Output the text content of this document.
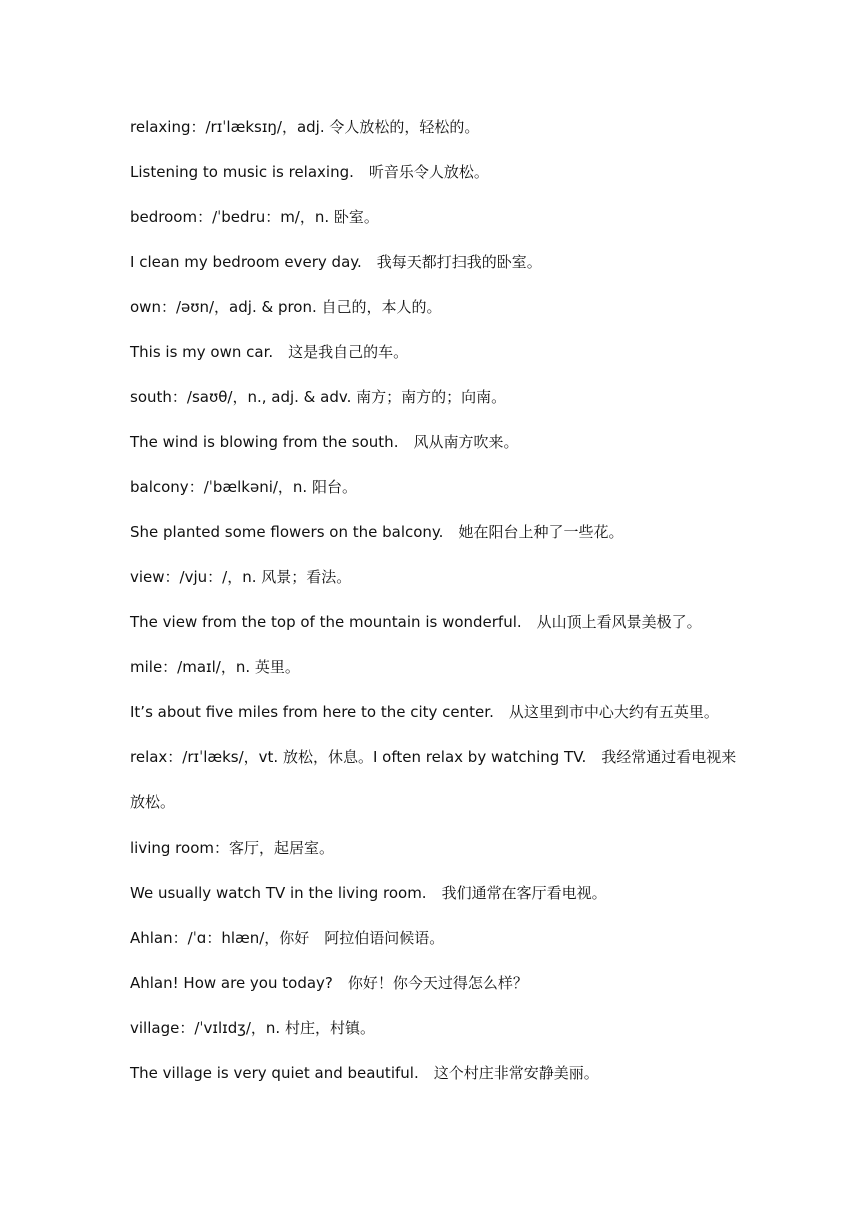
relaxing：/rɪˈlæksɪŋ/，adj. 令人放松的，轻松的。
Listening to music is relaxing.　听音乐令人放松。
bedroom：/ˈbedru：m/，n. 卧室。
I clean my bedroom every day.　我每天都打扫我的卧室。
own：/əʊn/，adj. & pron. 自己的，本人的。
This is my own car.　这是我自己的车。
south：/saʊθ/，n., adj. & adv. 南方；南方的；向南。
The wind is blowing from the south.　风从南方吹来。
balcony：/ˈbælkəni/，n. 阳台。
She planted some flowers on the balcony.　她在阳台上种了一些花。
view：/vju：/，n. 风景；看法。
The view from the top of the mountain is wonderful.　从山顶上看风景美极了。
mile：/maɪl/，n. 英里。
It’s about five miles from here to the city center.　从这里到市中心大约有五英里。
relax：/rɪˈlæks/，vt. 放松，休息。I often relax by watching TV.　我经常通过看电视来放松。
living room：客厅，起居室。
We usually watch TV in the living room.　我们通常在客厅看电视。
Ahlan：/ˈɑ：hlæn/，你好　阿拉伯语问候语。
Ahlan! How are you today?　你好！你今天过得怎么样？
village：/ˈvɪlɪdʒ/，n. 村庄，村镇。
The village is very quiet and beautiful.　这个村庄非常安静美丽。
